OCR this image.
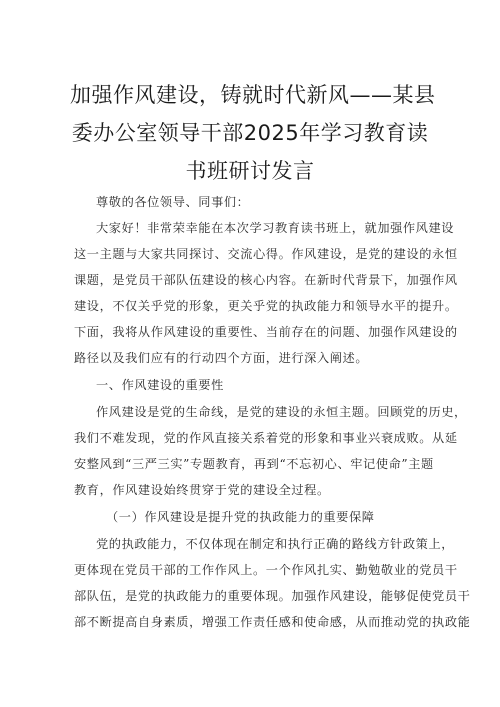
加强作风建设，铸就时代新风——某县
委办公室领导干部2025年学习教育读
书班研讨发言
尊敬的各位领导、同事们：
大家好！非常荣幸能在本次学习教育读书班上，就加强作风建设
这一主题与大家共同探讨、交流心得。作风建设，是党的建设的永恒
课题，是党员干部队伍建设的核心内容。在新时代背景下，加强作风
建设，不仅关乎党的形象，更关乎党的执政能力和领导水平的提升。
下面，我将从作风建设的重要性、当前存在的问题、加强作风建设的
路径以及我们应有的行动四个方面，进行深入阐述。
一、作风建设的重要性
作风建设是党的生命线，是党的建设的永恒主题。回顾党的历史，
我们不难发现，党的作风直接关系着党的形象和事业兴衰成败。从延
安整风到“三严三实”专题教育，再到“不忘初心、牢记使命”主题
教育，作风建设始终贯穿于党的建设全过程。
（一）作风建设是提升党的执政能力的重要保障
党的执政能力，不仅体现在制定和执行正确的路线方针政策上，
更体现在党员干部的工作作风上。一个作风扎实、勤勉敬业的党员干
部队伍，是党的执政能力的重要体现。加强作风建设，能够促使党员干
部不断提高自身素质，增强工作责任感和使命感，从而推动党的执政能
